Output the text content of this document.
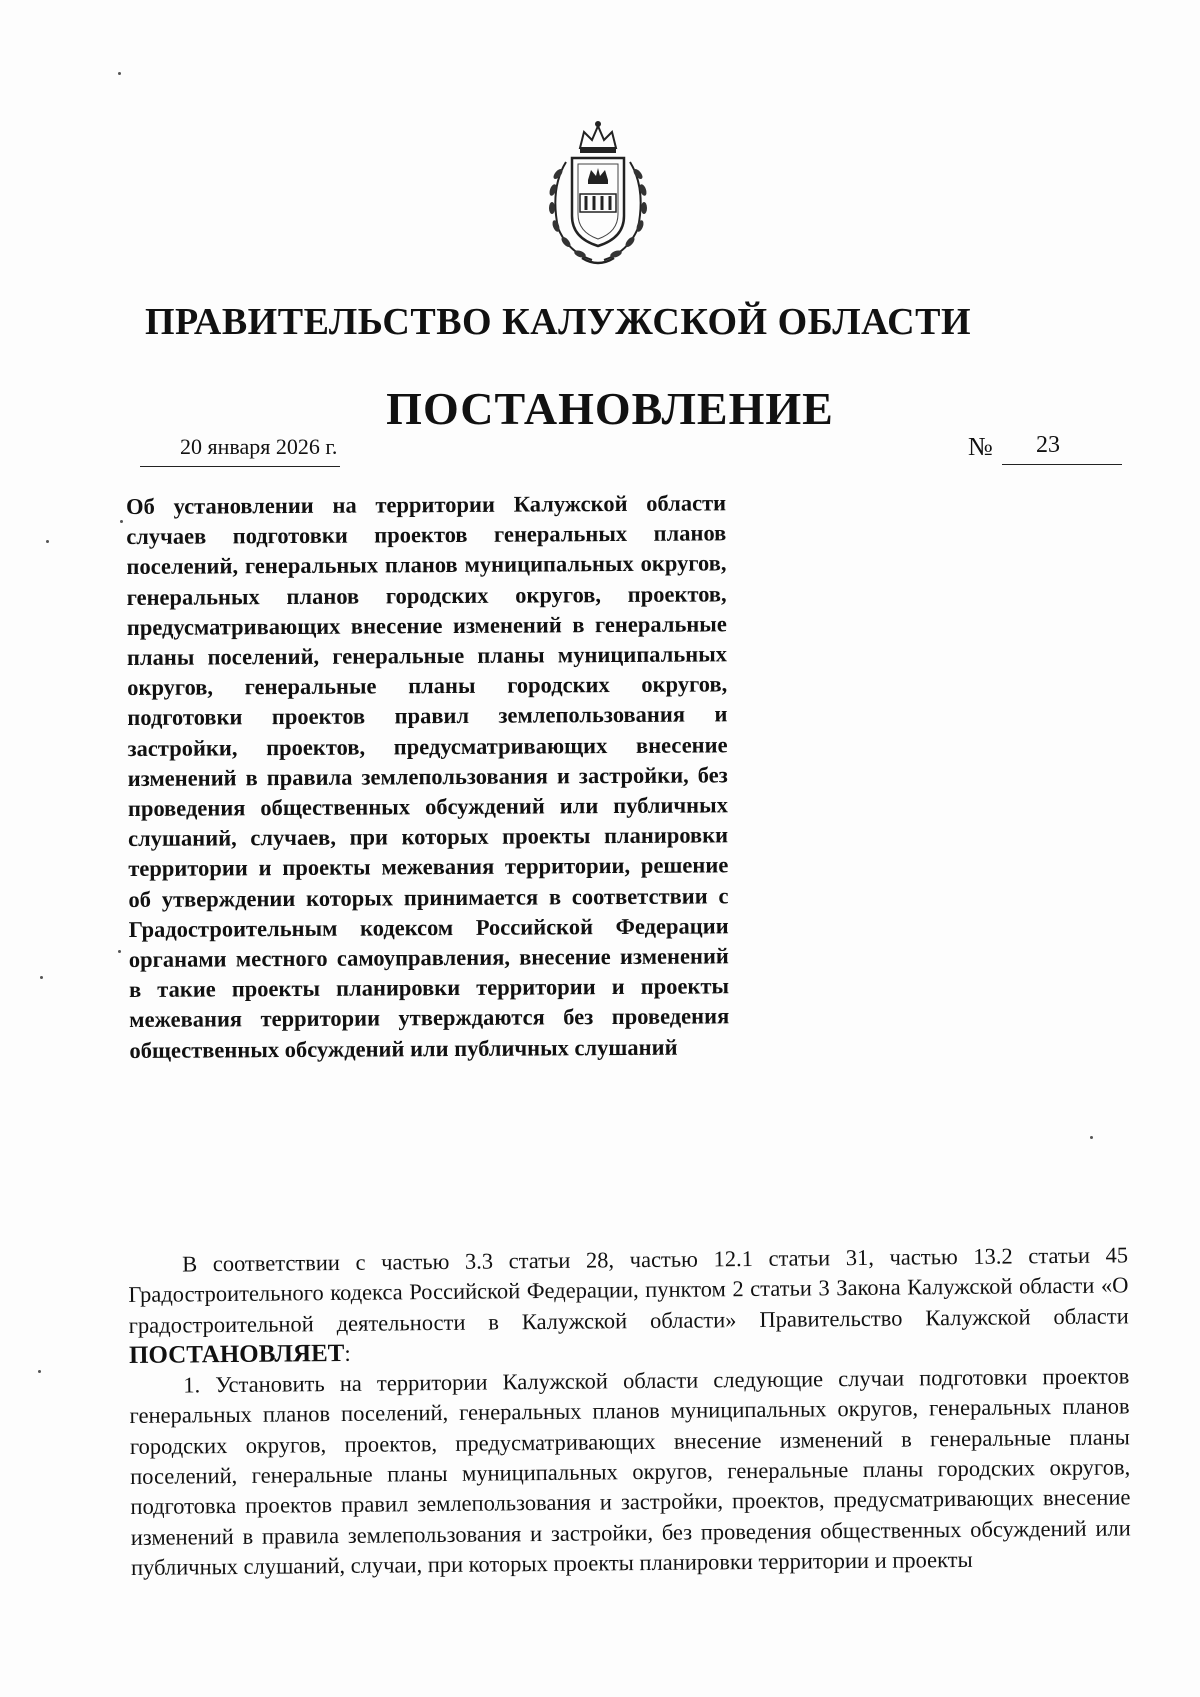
ПРАВИТЕЛЬСТВО КАЛУЖСКОЙ ОБЛАСТИ
ПОСТАНОВЛЕНИЕ
20 января 2026 г.	№	23
Об установлении на территории Калужской области случаев подготовки проектов генеральных планов поселений, генеральных планов муниципальных округов, генеральных планов городских округов, проектов, предусматривающих внесение изменений в генеральные планы поселений, генеральные планы муниципальных округов, генеральные планы городских округов, подготовки проектов правил землепользования и застройки, проектов, предусматривающих внесение изменений в правила землепользования и застройки, без проведения общественных обсуждений или публичных слушаний, случаев, при которых проекты планировки территории и проекты межевания территории, решение об утверждении которых принимается в соответствии с Градостроительным кодексом Российской Федерации органами местного самоуправления, внесение изменений в такие проекты планировки территории и проекты межевания территории утверждаются без проведения общественных обсуждений или публичных слушаний

В соответствии с частью 3.3 статьи 28, частью 12.1 статьи 31, частью 13.2 статьи 45 Градостроительного кодекса Российской Федерации, пунктом 2 статьи 3 Закона Калужской области «О градостроительной деятельности в Калужской области» Правительство Калужской области ПОСТАНОВЛЯЕТ:

1. Установить на территории Калужской области следующие случаи подготовки проектов генеральных планов поселений, генеральных планов муниципальных округов, генеральных планов городских округов, проектов, предусматривающих внесение изменений в генеральные планы поселений, генеральные планы муниципальных округов, генеральные планы городских округов, подготовка проектов правил землепользования и застройки, проектов, предусматривающих внесение изменений в правила землепользования и застройки, без проведения общественных обсуждений или публичных слушаний, случаи, при которых проекты планировки территории и проекты
